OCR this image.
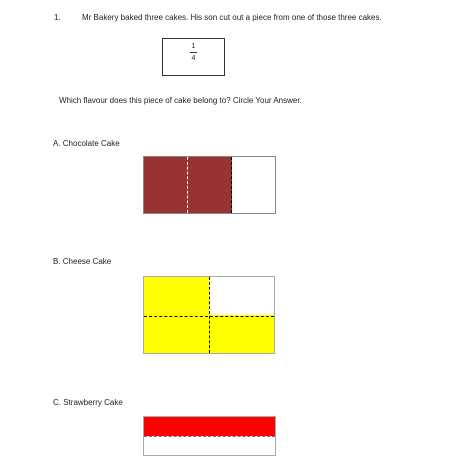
1.	Mr Bakery baked three cakes. His son cut out a piece from one of those three cakes.
1
4
Which flavour does this piece of cake belong to? Circle Your Answer.
A. Chocolate Cake
B. Cheese Cake
C. Strawberry Cake
